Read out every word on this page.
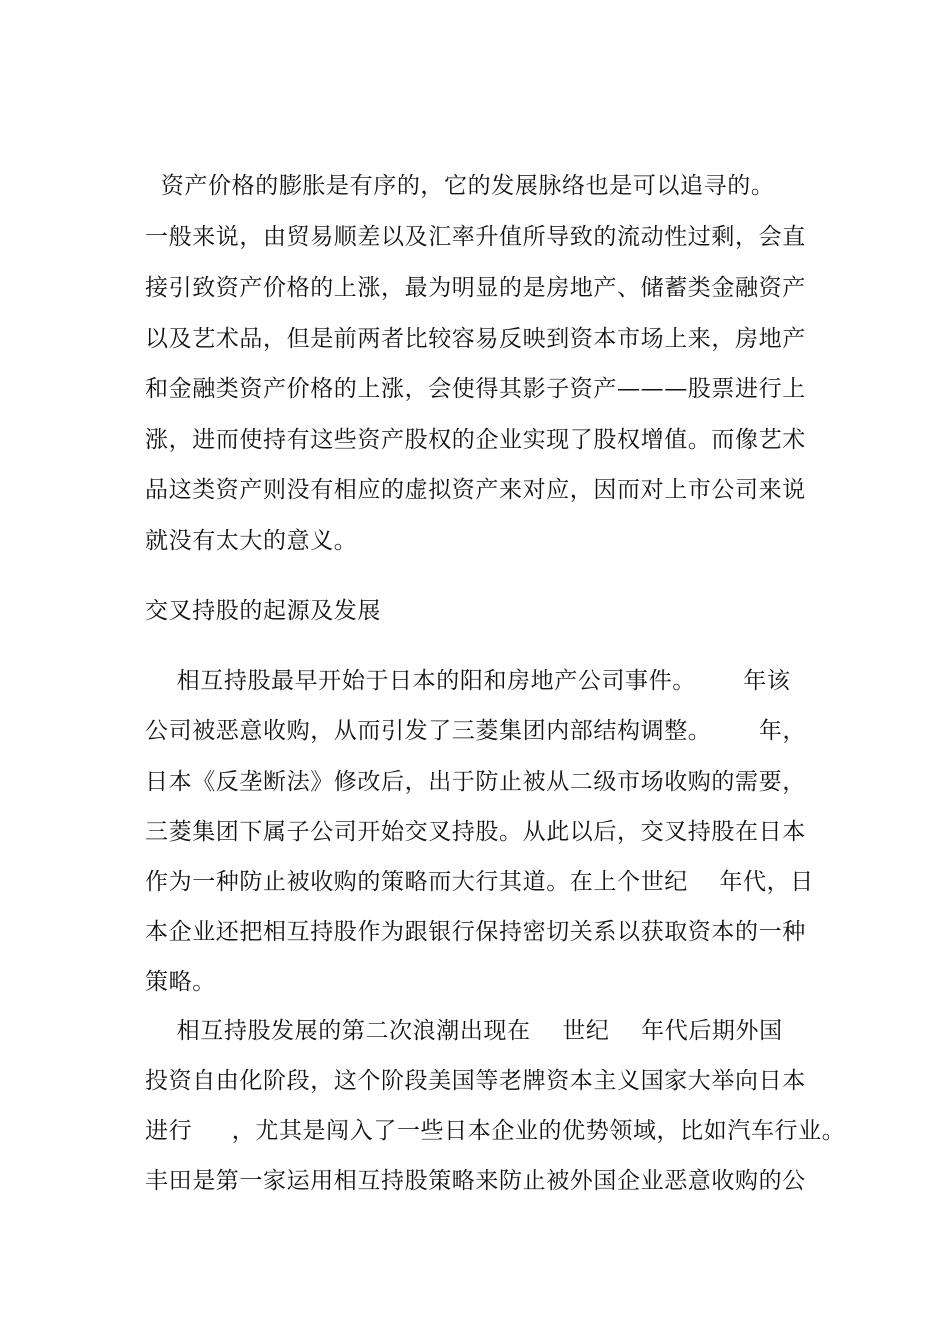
资产价格的膨胀是有序的，它的发展脉络也是可以追寻的。
一般来说，由贸易顺差以及汇率升值所导致的流动性过剩，会直
接引致资产价格的上涨，最为明显的是房地产、储蓄类金融资产
以及艺术品，但是前两者比较容易反映到资本市场上来，房地产
和金融类资产价格的上涨，会使得其影子资产———股票进行上
涨，进而使持有这些资产股权的企业实现了股权增值。而像艺术
品这类资产则没有相应的虚拟资产来对应，因而对上市公司来说
就没有太大的意义。
交叉持股的起源及发展
相互持股最早开始于日本的阳和房地产公司事件。      年该
公司被恶意收购，从而引发了三菱集团内部结构调整。      年，
日本《反垄断法》修改后，出于防止被从二级市场收购的需要，
三菱集团下属子公司开始交叉持股。从此以后，交叉持股在日本
作为一种防止被收购的策略而大行其道。在上个世纪    年代，日
本企业还把相互持股作为跟银行保持密切关系以获取资本的一种
策略。
相互持股发展的第二次浪潮出现在    世纪    年代后期外国
投资自由化阶段，这个阶段美国等老牌资本主义国家大举向日本
进行     ，尤其是闯入了一些日本企业的优势领域，比如汽车行业。
丰田是第一家运用相互持股策略来防止被外国企业恶意收购的公
